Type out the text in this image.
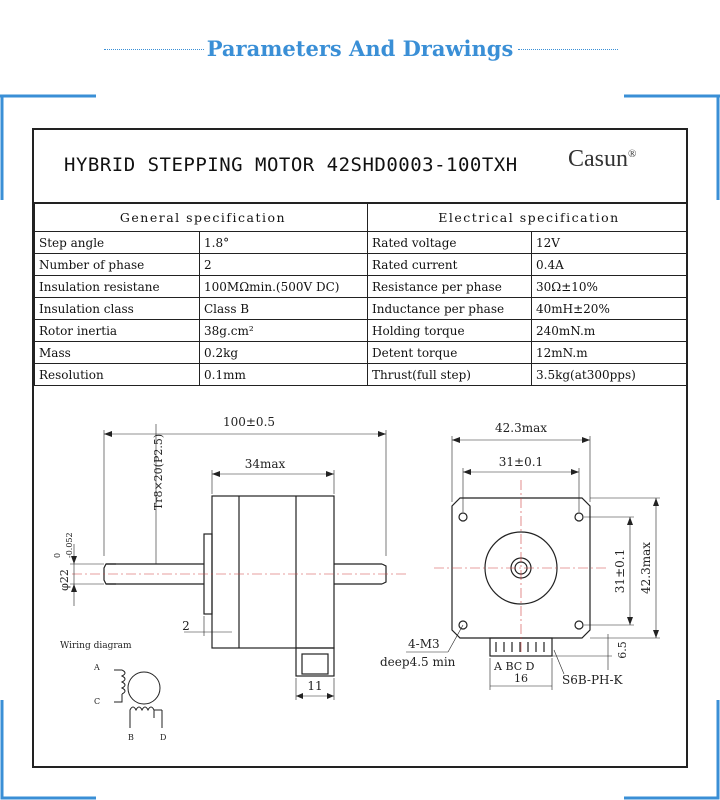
Parameters And Drawings
HYBRID STEPPING MOTOR 42SHD0003-100TXH Casun®
General specification		Electrical specification	
Step angle	1.8°	Rated voltage	12V
Number of phase	2	Rated current	0.4A
Insulation resistane	100MΩmin.(500V DC)	Resistance per phase	30Ω±10%
Insulation class	Class B	Inductance per phase	40mH±20%
Rotor inertia	38g.cm²	Holding torque	240mN.m
Mass	0.2kg	Detent torque	12mN.m
Resolution	0.1mm	Thrust(full step)	3.5kg(at300pps)
100±0.5
34max
Tr8×20(P2.5)
φ22
0 -0.052
2
11
Wiring diagram
A
C
B	D
42.3max
31±0.1
31±0.1 42.3max
6.5
4-M3
deep4.5 min	A BC D
16	S6B-PH-K
